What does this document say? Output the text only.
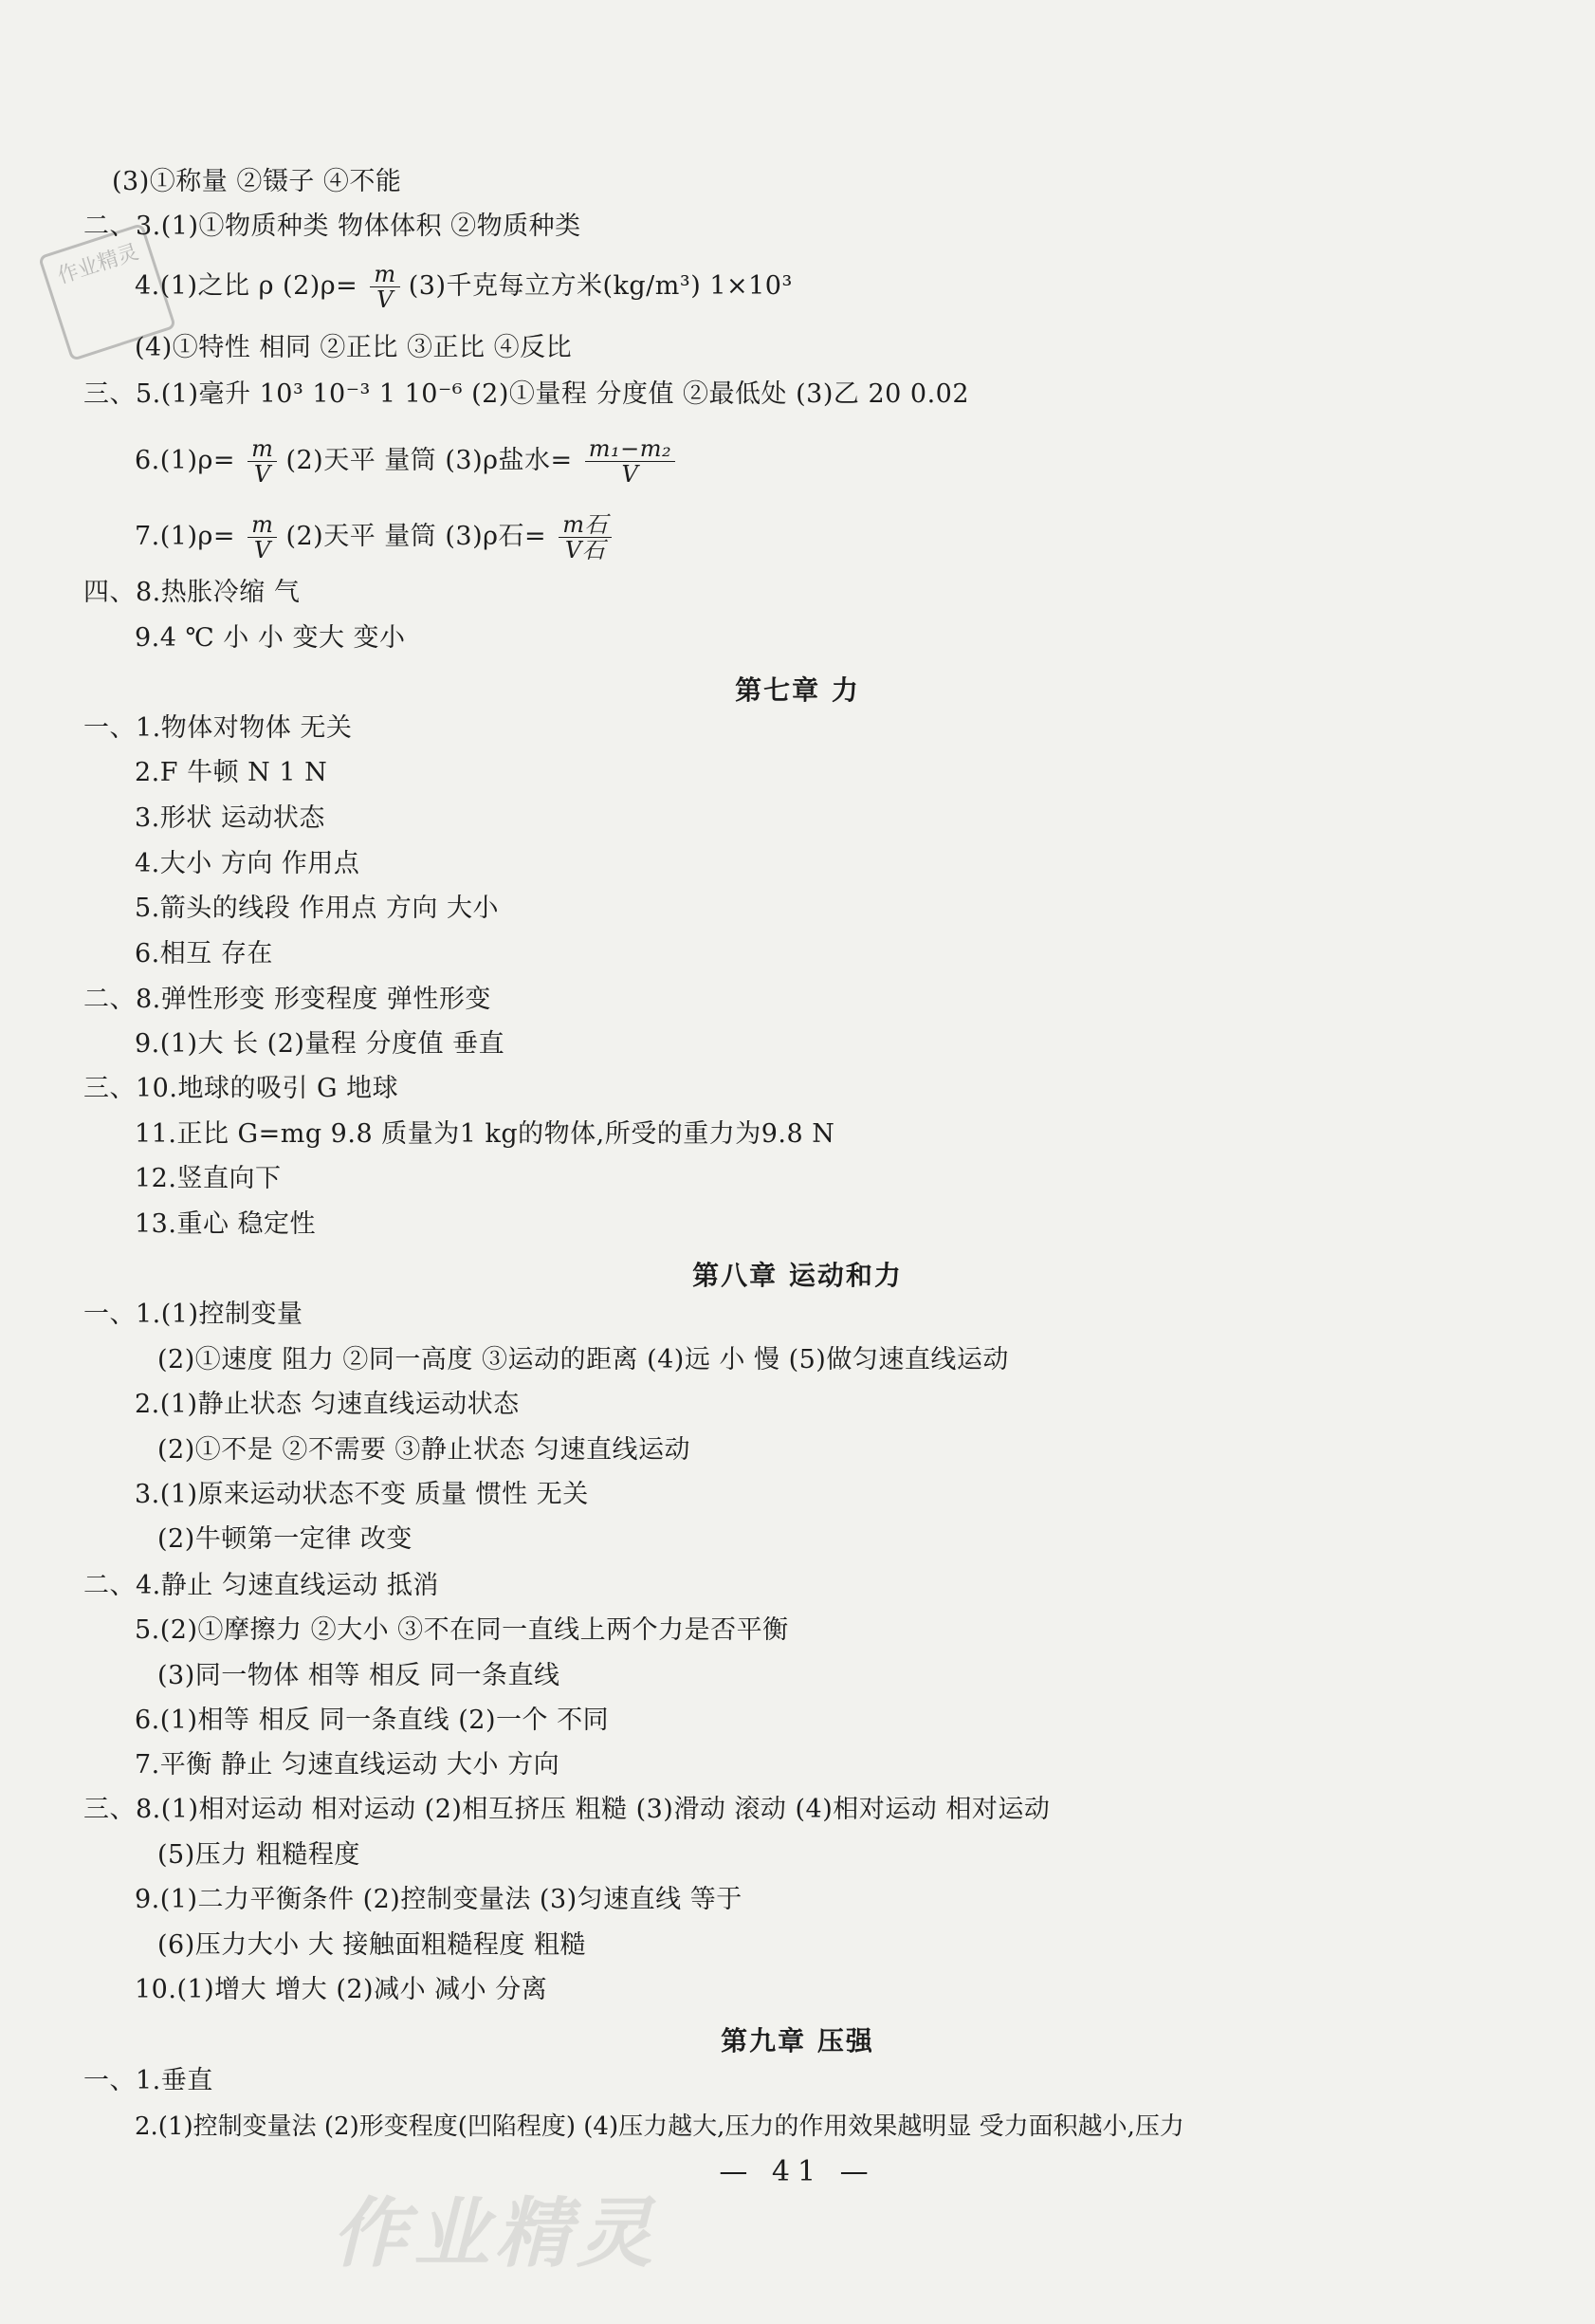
作业精灵
(3)①称量 ②镊子 ④不能
二、3.(1)①物质种类 物体体积 ②物质种类
4.(1)之比 ρ $(2)\rho= \frac{m}{V} (3)$千克每立方米(kg/m³) 1×10³
(4)①特性 相同 ②正比 ③正比 ④反比
三、5.(1)毫升 10³ 10⁻³ 1 10⁻⁶ (2)①量程 分度值 ②最低处 (3)乙 20 0.02
$6.(1)\rho= \frac{m}{V} (2)$天平 量筒 (3)ρ盐水= $\frac{\text{m₁−m₂}}{V}$
$7.(1)\rho= \frac{m}{V} (2)$天平 量筒 (3)ρ石= $\frac{\text{m石}}{\text{V石}}$
四、8.热胀冷缩 气
9.4 ℃ 小 小 变大 变小
第七章 力
一、1.物体对物体 无关
2.F 牛顿 N 1 N
3.形状 运动状态
4.大小 方向 作用点
5.箭头的线段 作用点 方向 大小
6.相互 存在
二、8.弹性形变 形变程度 弹性形变
9.(1)大 长 (2)量程 分度值 垂直
三、10.地球的吸引 G 地球
11.正比 G=mg 9.8 质量为1 kg的物体,所受的重力为9.8 N
12.竖直向下
13.重心 稳定性
第八章 运动和力
一、1.(1)控制变量
(2)①速度 阻力 ②同一高度 ③运动的距离 (4)远 小 慢 (5)做匀速直线运动
2.(1)静止状态 匀速直线运动状态
(2)①不是 ②不需要 ③静止状态 匀速直线运动
3.(1)原来运动状态不变 质量 惯性 无关
(2)牛顿第一定律 改变
二、4.静止 匀速直线运动 抵消
5.(2)①摩擦力 ②大小 ③不在同一直线上两个力是否平衡
(3)同一物体 相等 相反 同一条直线
6.(1)相等 相反 同一条直线 (2)一个 不同
7.平衡 静止 匀速直线运动 大小 方向
三、8.(1)相对运动 相对运动 (2)相互挤压 粗糙 (3)滑动 滚动 (4)相对运动 相对运动
(5)压力 粗糙程度
9.(1)二力平衡条件 (2)控制变量法 (3)匀速直线 等于
(6)压力大小 大 接触面粗糙程度 粗糙
10.(1)增大 增大 (2)减小 减小 分离
第九章 压强
一、1.垂直
2.(1)控制变量法 (2)形变程度(凹陷程度) (4)压力越大,压力的作用效果越明显 受力面积越小,压力
— 41 —
作业精灵
